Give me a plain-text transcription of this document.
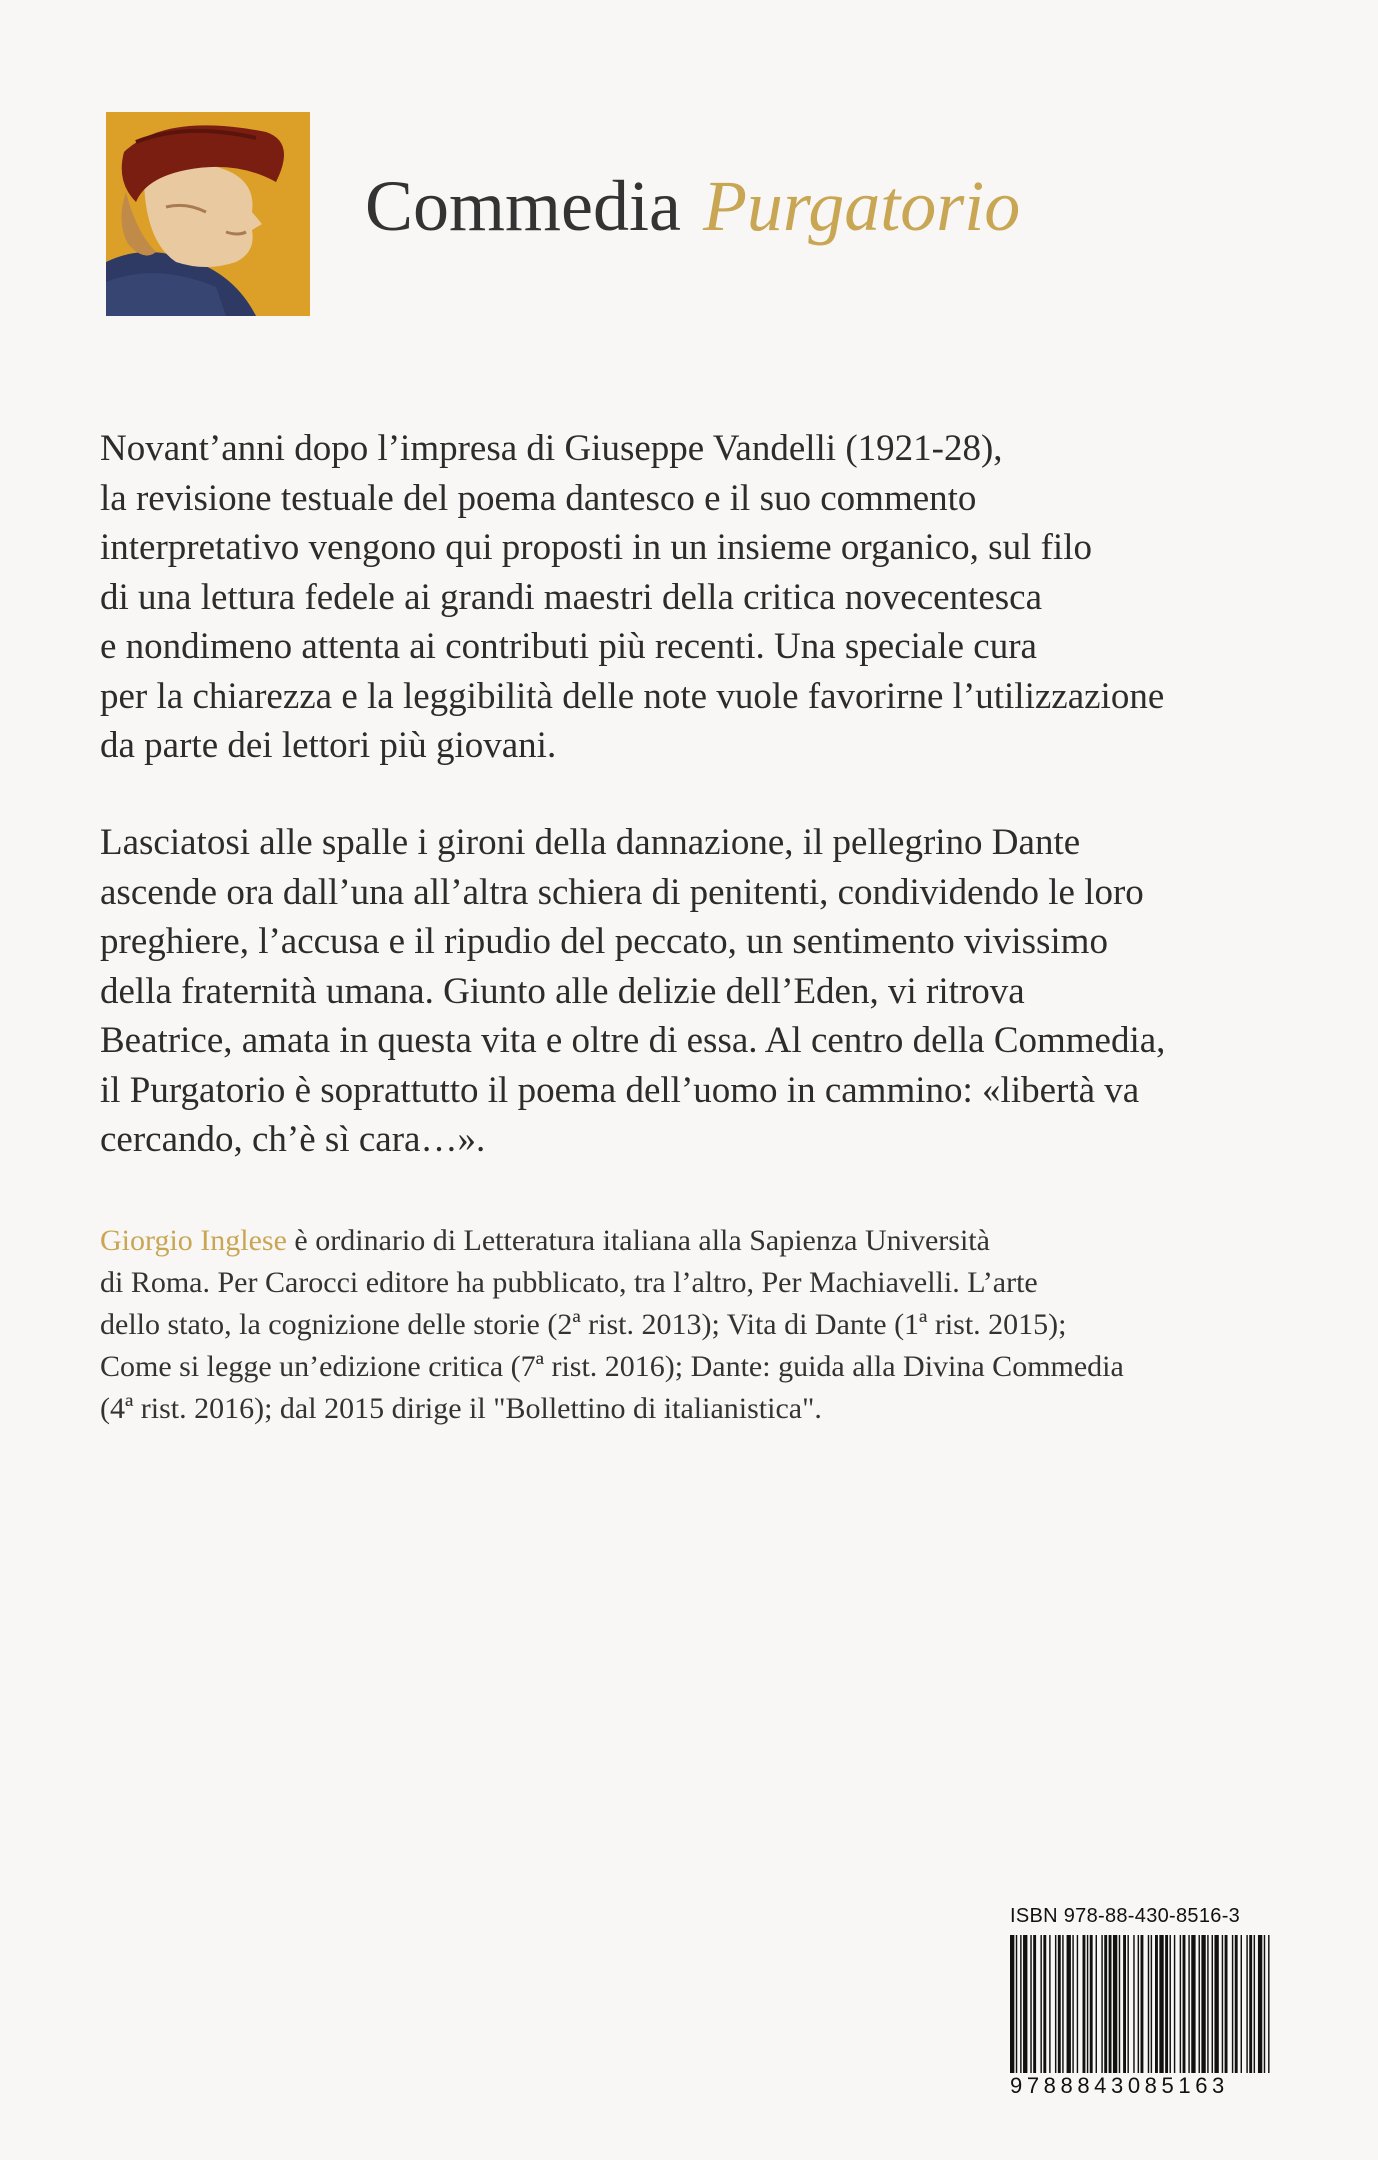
Commedia Purgatorio

Novant’anni dopo l’impresa di Giuseppe Vandelli (1921-28),

la revisione testuale del poema dantesco e il suo commento

interpretativo vengono qui proposti in un insieme organico, sul filo

di una lettura fedele ai grandi maestri della critica novecentesca

e nondimeno attenta ai contributi più recenti. Una speciale cura

per la chiarezza e la leggibilità delle note vuole favorirne l’utilizzazione

da parte dei lettori più giovani.

Lasciatosi alle spalle i gironi della dannazione, il pellegrino Dante

ascende ora dall’una all’altra schiera di penitenti, condividendo le loro

preghiere, l’accusa e il ripudio del peccato, un sentimento vivissimo

della fraternità umana. Giunto alle delizie dell’Eden, vi ritrova

Beatrice, amata in questa vita e oltre di essa. Al centro della Commedia,

il Purgatorio è soprattutto il poema dell’uomo in cammino: «libertà va

cercando, ch’è sì cara…».

Giorgio Inglese è ordinario di Letteratura italiana alla Sapienza Università

di Roma. Per Carocci editore ha pubblicato, tra l’altro, Per Machiavelli. L’arte

dello stato, la cognizione delle storie (2ª rist. 2013); Vita di Dante (1ª rist. 2015);

Come si legge un’edizione critica (7ª rist. 2016); Dante: guida alla Divina Commedia

(4ª rist. 2016); dal 2015 dirige il "Bollettino di italianistica".

ISBN 978-88-430-8516-3
9788843085163
